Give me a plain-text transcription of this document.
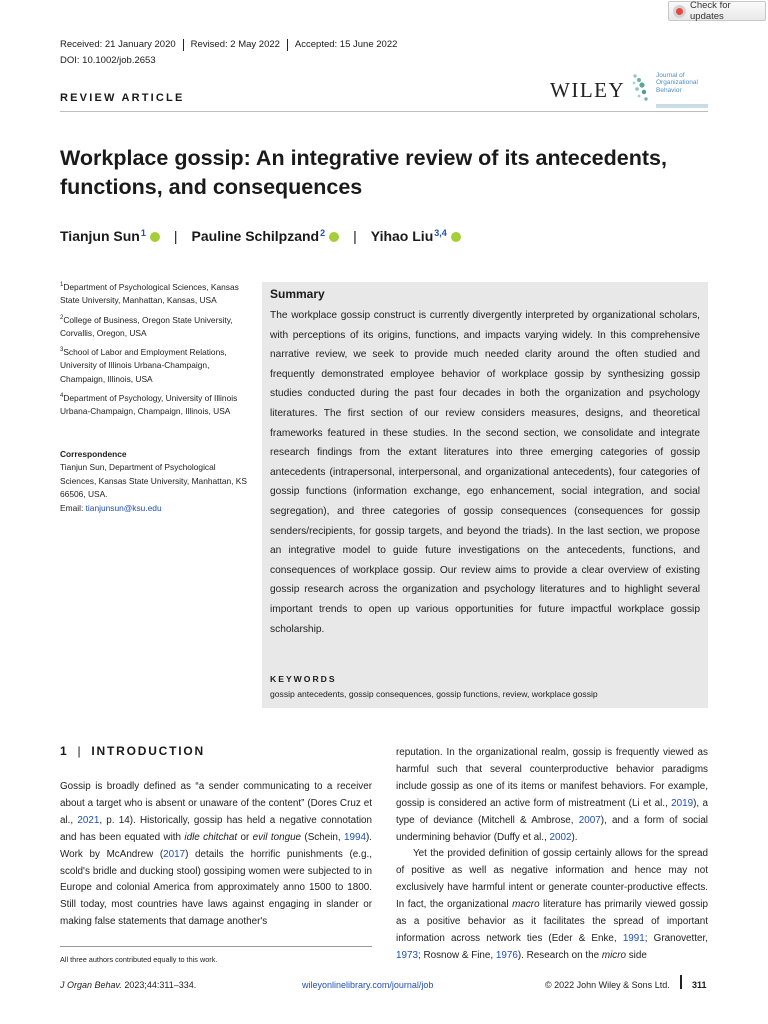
Check for updates
Received: 21 January 2020	Revised: 2 May 2022	Accepted: 15 June 2022
DOI: 10.1002/job.2653
REVIEW ARTICLE	WILEY
Journal of
Organizational
Behavior
Workplace gossip: An integrative review of its antecedents, functions, and consequences
Tianjun Sun$^1$ | Pauline Schilpzand$^2$ | Yihao Liu$^{3,4}$

$^1$Department of Psychological Sciences, Kansas State University, Manhattan, Kansas, USA

$^2$College of Business, Oregon State University, Corvallis, Oregon, USA

$^3$School of Labor and Employment Relations, University of Illinois Urbana-Champaign, Champaign, Illinois, USA

$^4$Department of Psychology, University of Illinois Urbana-Champaign, Champaign, Illinois, USA

Correspondence
Tianjun Sun, Department of Psychological Sciences, Kansas State University, Manhattan, KS 66506, USA.
Email: tianjunsun@ksu.edu
Summary

The workplace gossip construct is currently divergently interpreted by organizational scholars, with perceptions of its origins, functions, and impacts varying widely. In this comprehensive narrative review, we seek to provide much needed clarity around the often studied and frequently demonstrated employee behavior of workplace gossip by synthesizing gossip studies conducted during the past four decades in both the organization and psychology literatures. The first section of our review considers measures, designs, and theoretical frameworks featured in these studies. In the second section, we consolidate and integrate research findings from the extant literatures into three emerging categories of gossip antecedents (intrapersonal, interpersonal, and organizational antecedents), four categories of gossip functions (information exchange, ego enhancement, social integration, and social segregation), and three categories of gossip consequences (consequences for gossip senders/recipients, for gossip targets, and beyond the triads). In the last section, we propose an integrative model to guide future investigations on the antecedents, functions, and consequences of workplace gossip. Our review aims to provide a clear overview of existing gossip research across the organization and psychology literatures and to highlight several important trends to open up various opportunities for future impactful workplace gossip scholarship.

KEYWORDS
gossip antecedents, gossip consequences, gossip functions, review, workplace gossip
1 | INTRODUCTION

Gossip is broadly defined as “a sender communicating to a receiver about a target who is absent or unaware of the content” (Dores Cruz et al., 2021, p. 14). Historically, gossip has held a negative connotation and has been equated with idle chitchat or evil tongue (Schein, 1994). Work by McAndrew (2017) details the horrific punishments (e.g., scold's bridle and ducking stool) gossiping women were subjected to in Europe and colonial America from approximately anno 1500 to 1800. Still today, most countries have laws against engaging in slander or making false statements that damage another's

reputation. In the organizational realm, gossip is frequently viewed as harmful such that several counterproductive behavior paradigms include gossip as one of its items or manifest behaviors. For example, gossip is considered an active form of mistreatment (Li et al., 2019), a type of deviance (Mitchell & Ambrose, 2007), and a form of social undermining behavior (Duffy et al., 2002).

Yet the provided definition of gossip certainly allows for the spread of positive as well as negative information and hence may not exclusively have harmful intent or generate counter-productive effects. In fact, the organizational macro literature has primarily viewed gossip as a positive behavior as it facilitates the spread of important information across network ties (Eder & Enke, 1991; Granovetter, 1973; Rosnow & Fine, 1976). Research on the micro side

All three authors contributed equally to this work.
J Organ Behav. 2023;44:311–334.	wileyonlinelibrary.com/journal/job	© 2022 John Wiley & Sons Ltd. 311
